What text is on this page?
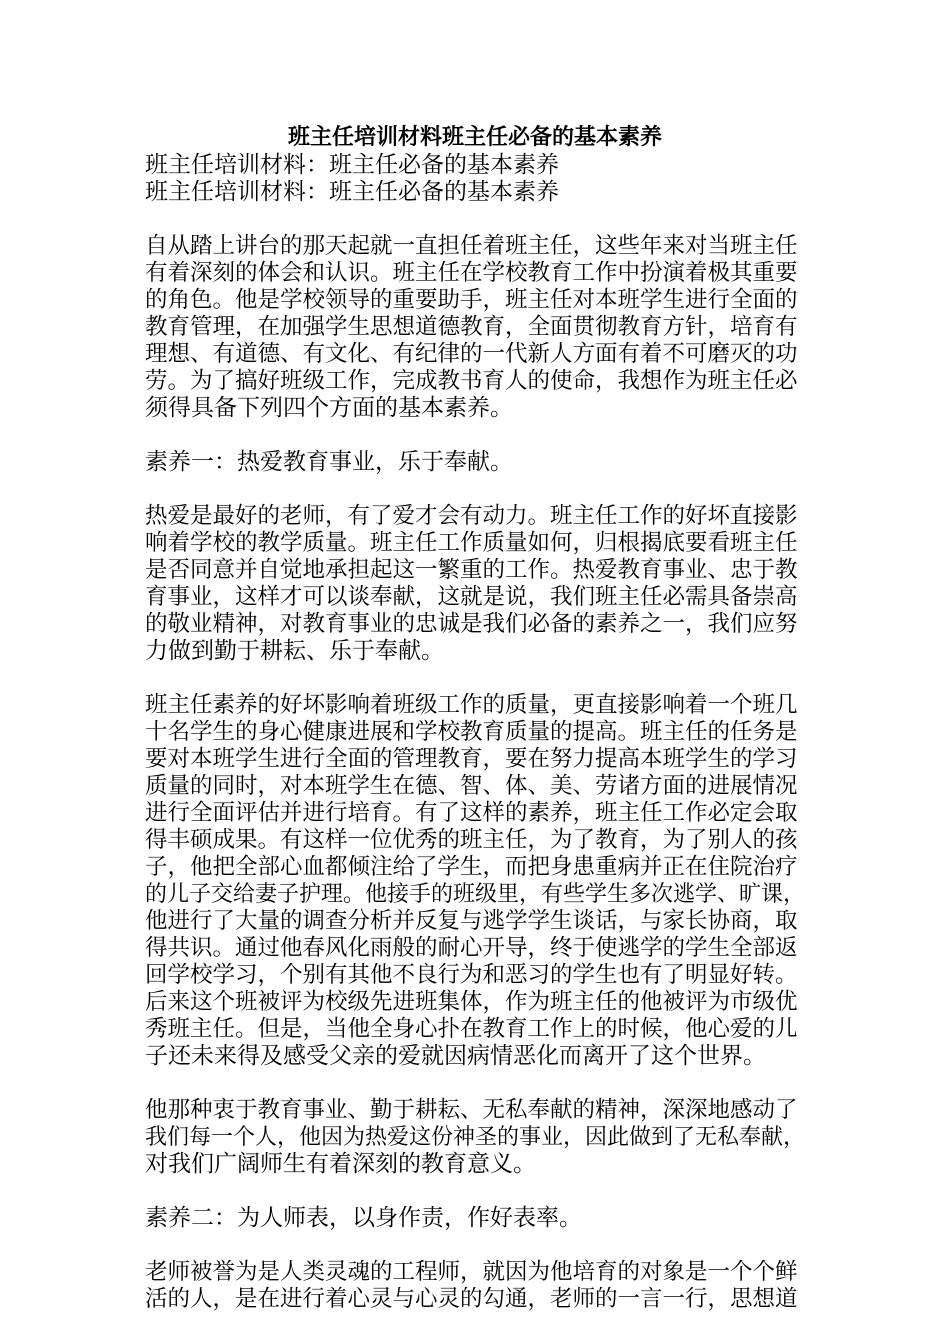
班主任培训材料班主任必备的基本素养
班主任培训材料：班主任必备的基本素养
班主任培训材料：班主任必备的基本素养
自从踏上讲台的那天起就一直担任着班主任，这些年来对当班主任
有着深刻的体会和认识。班主任在学校教育工作中扮演着极其重要
的角色。他是学校领导的重要助手，班主任对本班学生进行全面的
教育管理，在加强学生思想道德教育，全面贯彻教育方针，培育有
理想、有道德、有文化、有纪律的一代新人方面有着不可磨灭的功
劳。为了搞好班级工作，完成教书育人的使命，我想作为班主任必
须得具备下列四个方面的基本素养。
素养一：热爱教育事业，乐于奉献。
热爱是最好的老师，有了爱才会有动力。班主任工作的好坏直接影
响着学校的教学质量。班主任工作质量如何，归根揭底要看班主任
是否同意并自觉地承担起这一繁重的工作。热爱教育事业、忠于教
育事业，这样才可以谈奉献，这就是说，我们班主任必需具备崇高
的敬业精神，对教育事业的忠诚是我们必备的素养之一，我们应努
力做到勤于耕耘、乐于奉献。
班主任素养的好坏影响着班级工作的质量，更直接影响着一个班几
十名学生的身心健康进展和学校教育质量的提高。班主任的任务是
要对本班学生进行全面的管理教育，要在努力提高本班学生的学习
质量的同时，对本班学生在德、智、体、美、劳诸方面的进展情况
进行全面评估并进行培育。有了这样的素养，班主任工作必定会取
得丰硕成果。有这样一位优秀的班主任，为了教育，为了别人的孩
子，他把全部心血都倾注给了学生，而把身患重病并正在住院治疗
的儿子交给妻子护理。他接手的班级里，有些学生多次逃学、旷课，
他进行了大量的调查分析并反复与逃学学生谈话，与家长协商，取
得共识。通过他春风化雨般的耐心开导，终于使逃学的学生全部返
回学校学习，个别有其他不良行为和恶习的学生也有了明显好转。
后来这个班被评为校级先进班集体，作为班主任的他被评为市级优
秀班主任。但是，当他全身心扑在教育工作上的时候，他心爱的儿
子还未来得及感受父亲的爱就因病情恶化而离开了这个世界。
他那种衷于教育事业、勤于耕耘、无私奉献的精神，深深地感动了
我们每一个人，他因为热爱这份神圣的事业，因此做到了无私奉献，
对我们广阔师生有着深刻的教育意义。
素养二：为人师表，以身作责，作好表率。
老师被誉为是人类灵魂的工程师，就因为他培育的对象是一个个鲜
活的人，是在进行着心灵与心灵的勾通，老师的一言一行，思想道
